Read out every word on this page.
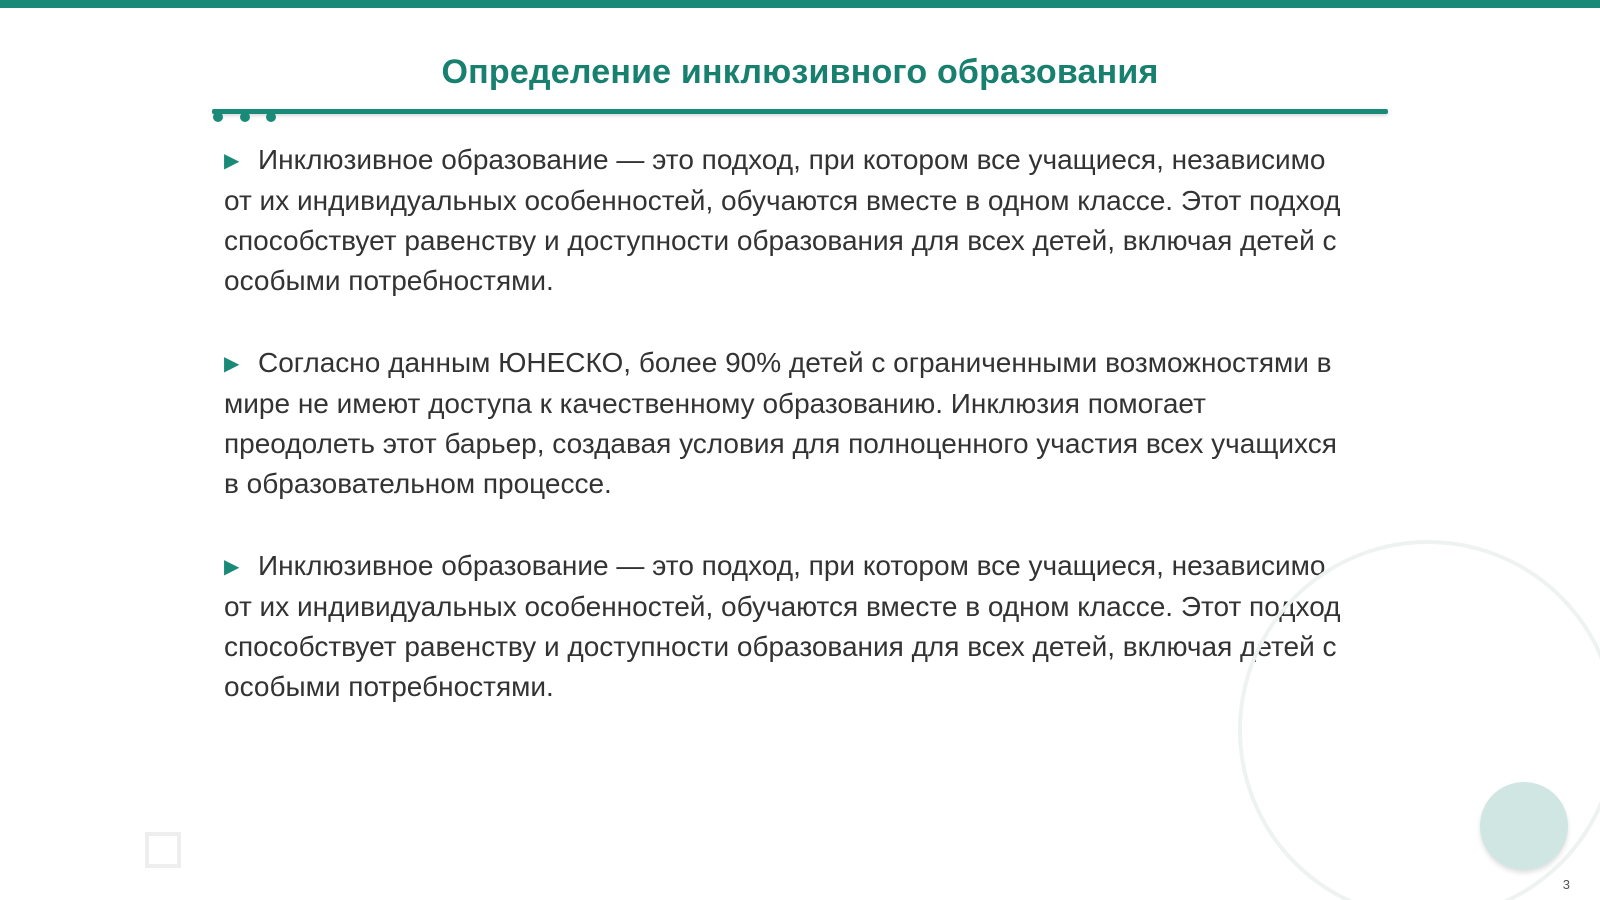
Определение инклюзивного образования

▶ Инклюзивное образование — это подход, при котором все учащиеся, независимо от их индивидуальных особенностей, обучаются вместе в одном классе. Этот подход способствует равенству и доступности образования для всех детей, включая детей с особыми потребностями.

▶ Согласно данным ЮНЕСКО, более 90% детей с ограниченными возможностями в мире не имеют доступа к качественному образованию. Инклюзия помогает преодолеть этот барьер, создавая условия для полноценного участия всех учащихся в образовательном процессе.

▶ Инклюзивное образование — это подход, при котором все учащиеся, независимо от их индивидуальных особенностей, обучаются вместе в одном классе. Этот подход способствует равенству и доступности образования для всех детей, включая детей с особыми потребностями.

3
